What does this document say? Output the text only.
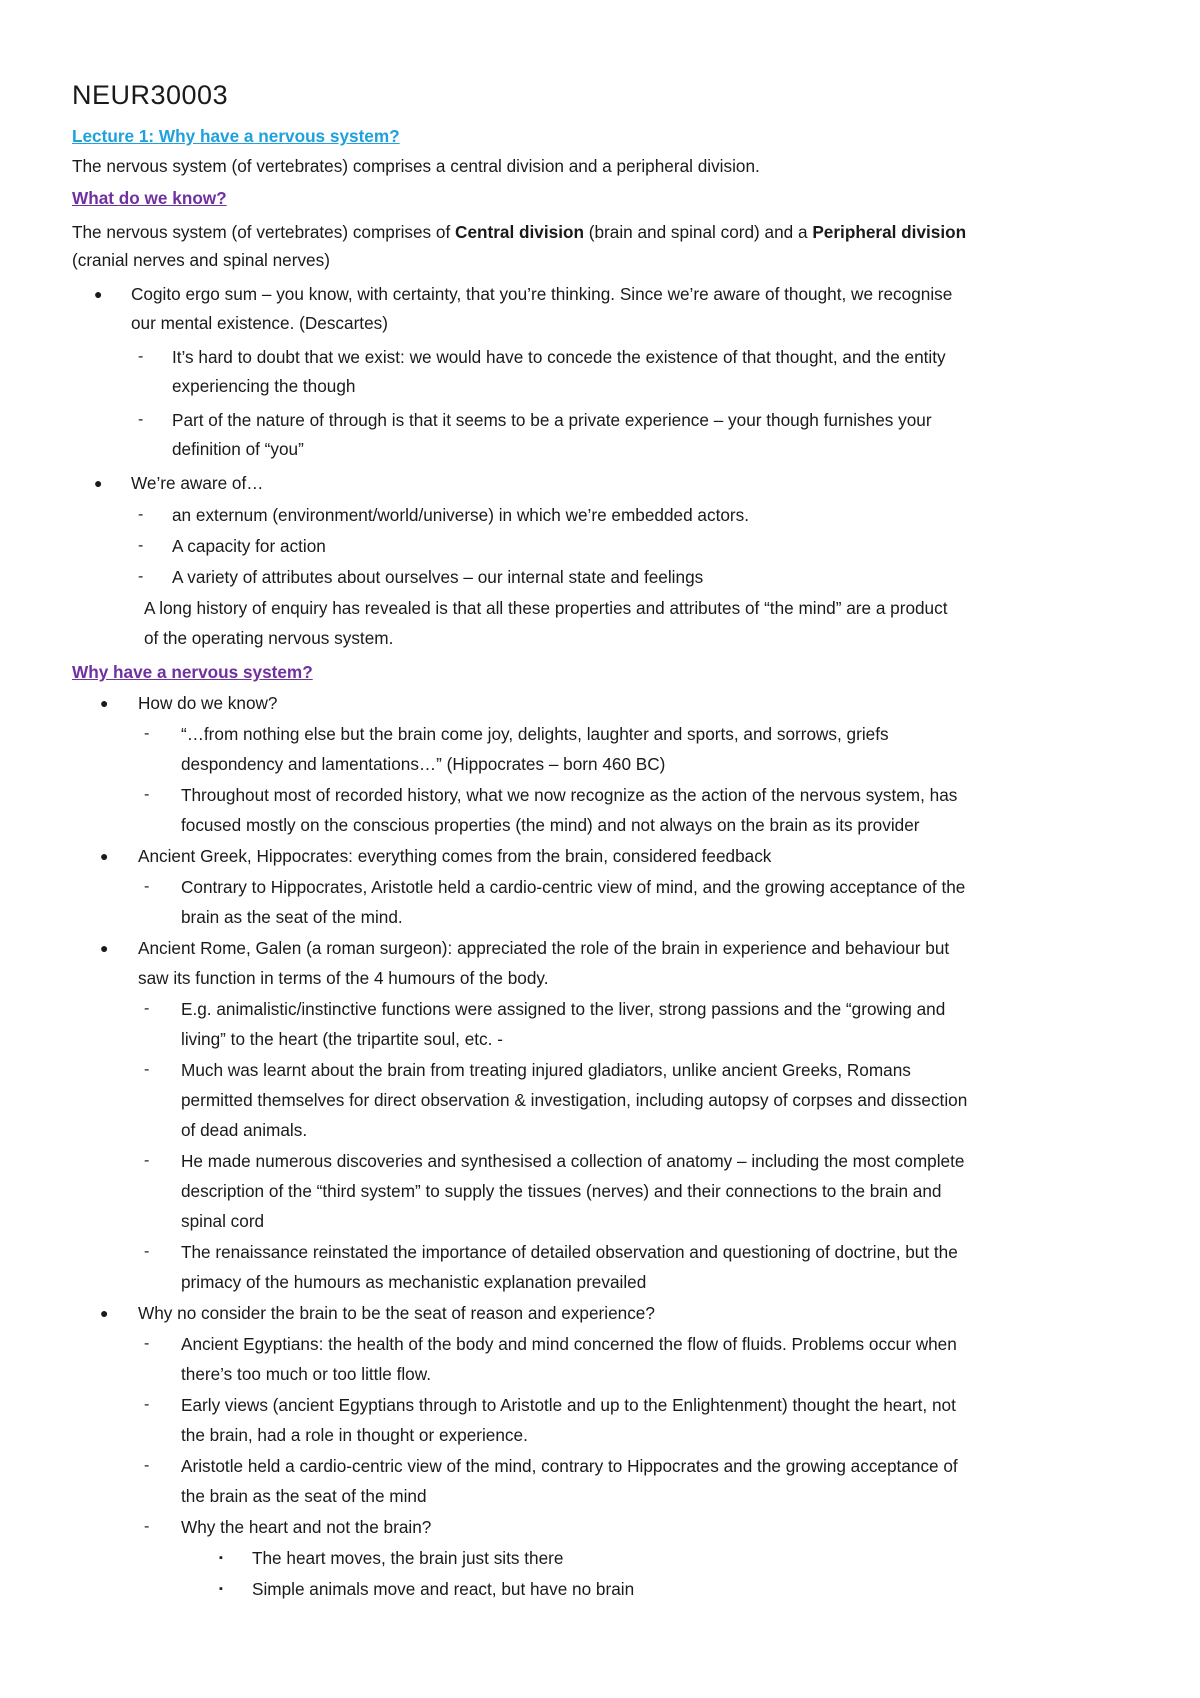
NEUR30003
Lecture 1: Why have a nervous system?
The nervous system (of vertebrates) comprises a central division and a peripheral division.
What do we know?
The nervous system (of vertebrates) comprises of Central division (brain and spinal cord) and a Peripheral division
(cranial nerves and spinal nerves)
● Cogito ergo sum – you know, with certainty, that you’re thinking. Since we’re aware of thought, we recognise
our mental existence. (Descartes)
- It’s hard to doubt that we exist: we would have to concede the existence of that thought, and the entity
experiencing the though
- Part of the nature of through is that it seems to be a private experience – your though furnishes your
definition of “you”
● We’re aware of…
- an externum (environment/world/universe) in which we’re embedded actors.
- A capacity for action
- A variety of attributes about ourselves – our internal state and feelings
A long history of enquiry has revealed is that all these properties and attributes of “the mind” are a product
of the operating nervous system.
Why have a nervous system?
● How do we know?
- “…from nothing else but the brain come joy, delights, laughter and sports, and sorrows, griefs
despondency and lamentations…” (Hippocrates – born 460 BC)
- Throughout most of recorded history, what we now recognize as the action of the nervous system, has
focused mostly on the conscious properties (the mind) and not always on the brain as its provider
● Ancient Greek, Hippocrates: everything comes from the brain, considered feedback
- Contrary to Hippocrates, Aristotle held a cardio-centric view of mind, and the growing acceptance of the
brain as the seat of the mind.
● Ancient Rome, Galen (a roman surgeon): appreciated the role of the brain in experience and behaviour but
saw its function in terms of the 4 humours of the body.
- E.g. animalistic/instinctive functions were assigned to the liver, strong passions and the “growing and
living” to the heart (the tripartite soul, etc. -
- Much was learnt about the brain from treating injured gladiators, unlike ancient Greeks, Romans
permitted themselves for direct observation & investigation, including autopsy of corpses and dissection
of dead animals.
- He made numerous discoveries and synthesised a collection of anatomy – including the most complete
description of the “third system” to supply the tissues (nerves) and their connections to the brain and
spinal cord
- The renaissance reinstated the importance of detailed observation and questioning of doctrine, but the
primacy of the humours as mechanistic explanation prevailed
● Why no consider the brain to be the seat of reason and experience?
- Ancient Egyptians: the health of the body and mind concerned the flow of fluids. Problems occur when
there’s too much or too little flow.
- Early views (ancient Egyptians through to Aristotle and up to the Enlightenment) thought the heart, not
the brain, had a role in thought or experience.
- Aristotle held a cardio-centric view of the mind, contrary to Hippocrates and the growing acceptance of
the brain as the seat of the mind
- Why the heart and not the brain?
▪ The heart moves, the brain just sits there
▪ Simple animals move and react, but have no brain
